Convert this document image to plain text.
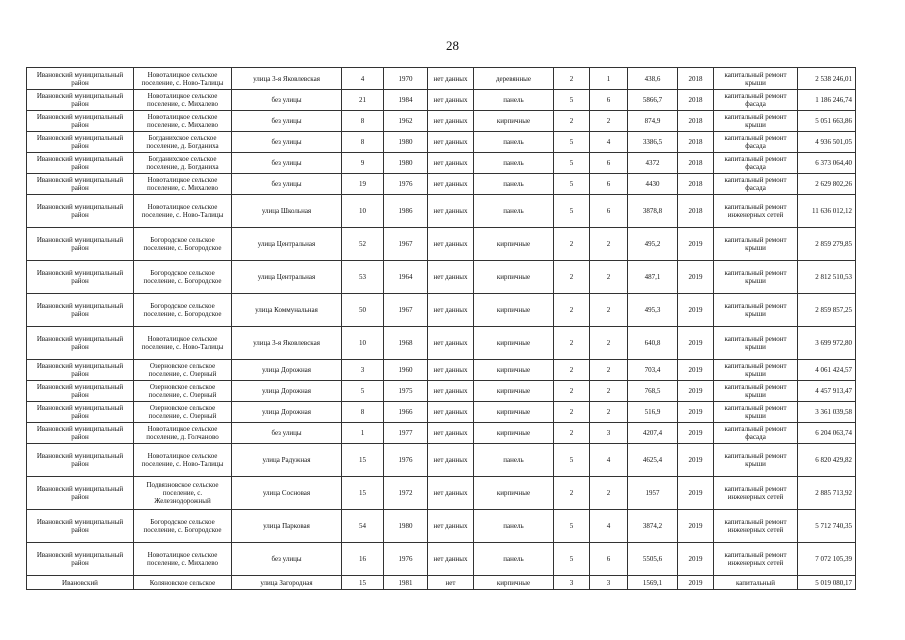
28
Ивановский муниципальный район	Новоталицкое сельское поселение, с. Ново-Талицы	улица 3-я Яковлевская	4	1970	нет данных	деревянные	2	1	438,6	2018	капитальный ремонт крыши	2 538 246,01
Ивановский муниципальный район	Новоталицкое сельское поселение, с. Михалево	без улицы	21	1984	нет данных	панель	5	6	5866,7	2018	капитальный ремонт фасада	1 186 246,74
Ивановский муниципальный район	Новоталицкое сельское поселение, с. Михалево	без улицы	8	1962	нет данных	кирпичные	2	2	874,9	2018	капитальный ремонт крыши	5 051 663,86
Ивановский муниципальный район	Богданихское сельское поселение, д. Богданиха	без улицы	8	1980	нет данных	панель	5	4	3386,5	2018	капитальный ремонт фасада	4 936 501,05
Ивановский муниципальный район	Богданихское сельское поселение, д. Богданиха	без улицы	9	1980	нет данных	панель	5	6	4372	2018	капитальный ремонт фасада	6 373 064,40
Ивановский муниципальный район	Новоталицкое сельское поселение, с. Михалево	без улицы	19	1976	нет данных	панель	5	6	4430	2018	капитальный ремонт фасада	2 629 802,26
Ивановский муниципальный район	Новоталицкое сельское поселение, с. Ново-Талицы	улица Школьная	10	1986	нет данных	панель	5	6	3878,8	2018	капитальный ремонт инженерных сетей	11 636 012,12
Ивановский муниципальный район	Богородское сельское поселение, с. Богородское	улица Центральная	52	1967	нет данных	кирпичные	2	2	495,2	2019	капитальный ремонт крыши	2 859 279,85
Ивановский муниципальный район	Богородское сельское поселение, с. Богородское	улица Центральная	53	1964	нет данных	кирпичные	2	2	487,1	2019	капитальный ремонт крыши	2 812 510,53
Ивановский муниципальный район	Богородское сельское поселение, с. Богородское	улица Коммунальная	50	1967	нет данных	кирпичные	2	2	495,3	2019	капитальный ремонт крыши	2 859 857,25
Ивановский муниципальный район	Новоталицкое сельское поселение, с. Ново-Талицы	улица 3-я Яковлевская	10	1968	нет данных	кирпичные	2	2	640,8	2019	капитальный ремонт крыши	3 699 972,80
Ивановский муниципальный район	Озерновское сельское поселение, с. Озерный	улица Дорожная	3	1960	нет данных	кирпичные	2	2	703,4	2019	капитальный ремонт крыши	4 061 424,57
Ивановский муниципальный район	Озерновское сельское поселение, с. Озерный	улица Дорожная	5	1975	нет данных	кирпичные	2	2	768,5	2019	капитальный ремонт крыши	4 457 913,47
Ивановский муниципальный район	Озерновское сельское поселение, с. Озерный	улица Дорожная	8	1966	нет данных	кирпичные	2	2	516,9	2019	капитальный ремонт крыши	3 361 039,58
Ивановский муниципальный район	Новоталицкое сельское поселение, д. Голчаново	без улицы	1	1977	нет данных	кирпичные	2	3	4207,4	2019	капитальный ремонт фасада	6 204 063,74
Ивановский муниципальный район	Новоталицкое сельское поселение, с. Ново-Талицы	улица Радужная	15	1976	нет данных	панель	5	4	4625,4	2019	капитальный ремонт крыши	6 820 429,82
Ивановский муниципальный район	Подвязновское сельское поселение, с. Железнодорожный	улица Сосновая	15	1972	нет данных	кирпичные	2	2	1957	2019	капитальный ремонт инженерных сетей	2 885 713,92
Ивановский муниципальный район	Богородское сельское поселение, с. Богородское	улица Парковая	54	1980	нет данных	панель	5	4	3874,2	2019	капитальный ремонт инженерных сетей	5 712 740,35
Ивановский муниципальный район	Новоталицкое сельское поселение, с. Михалево	без улицы	16	1976	нет данных	панель	5	6	5505,6	2019	капитальный ремонт инженерных сетей	7 072 105,39
Ивановский	Коляновское сельское	улица Загородная	15	1981	нет	кирпичные	3	3	1569,1	2019	капитальный	5 019 080,17
